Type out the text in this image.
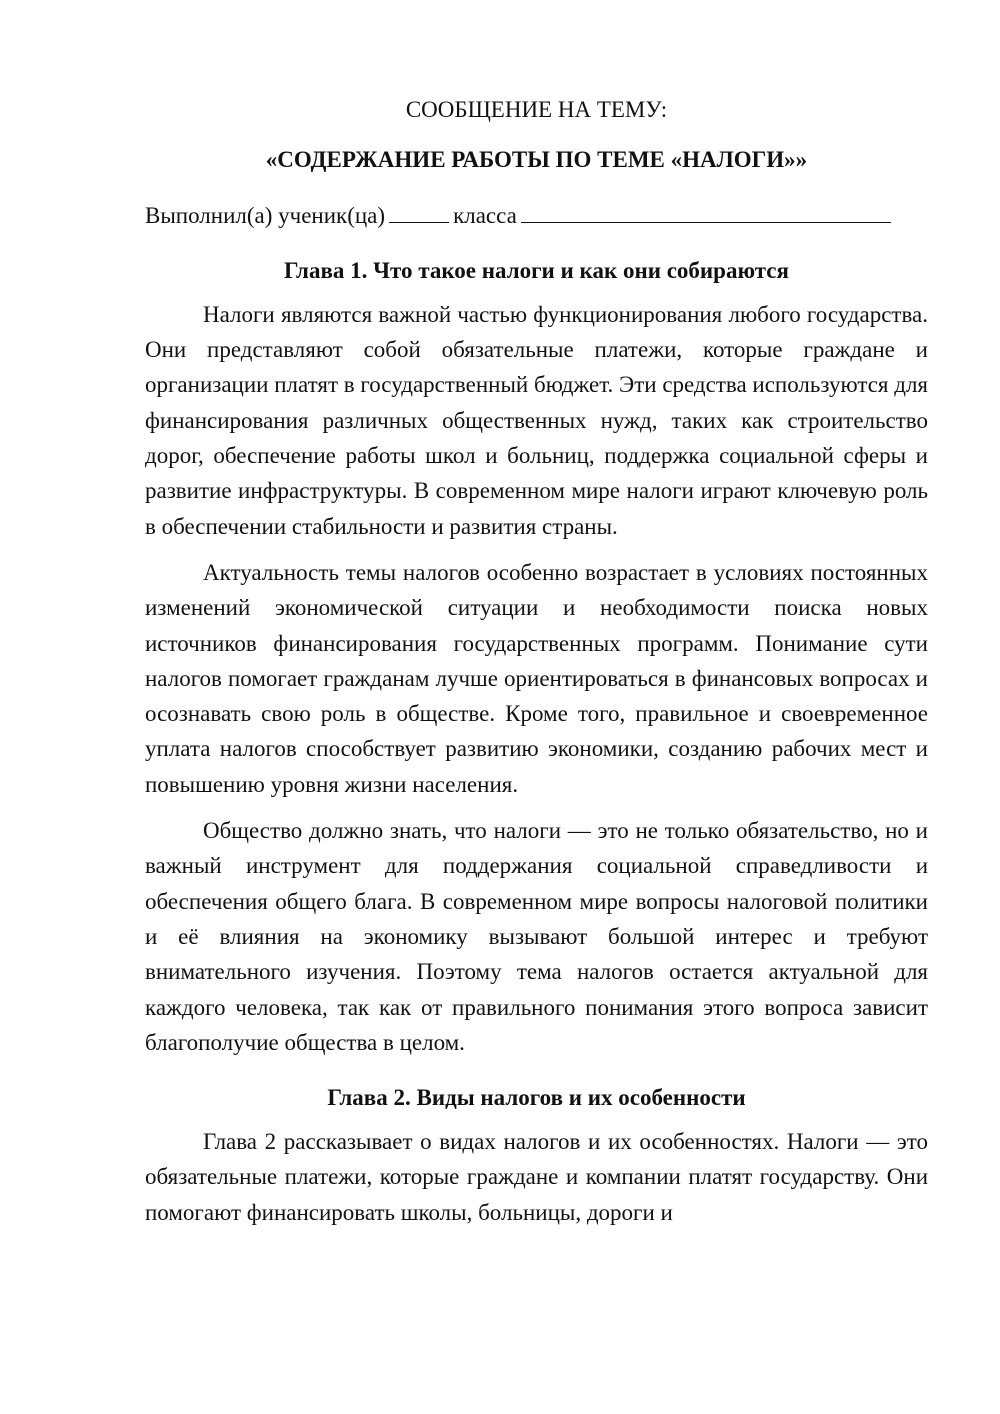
СООБЩЕНИЕ НА ТЕМУ:

«СОДЕРЖАНИЕ РАБОТЫ ПО ТЕМЕ «НАЛОГИ»»

Выполнил(а) ученик(ца)	класса

Глава 1. Что такое налоги и как они собираются

Налоги являются важной частью функционирования любого государства. Они представляют собой обязательные платежи, которые граждане и организации платят в государственный бюджет. Эти средства используются для финансирования различных общественных нужд, таких как строительство дорог, обеспечение работы школ и больниц, поддержка социальной сферы и развитие инфраструктуры. В современном мире налоги играют ключевую роль в обеспечении стабильности и развития страны.

Актуальность темы налогов особенно возрастает в условиях постоянных изменений экономической ситуации и необходимости поиска новых источников финансирования государственных программ. Понимание сути налогов помогает гражданам лучше ориентироваться в финансовых вопросах и осознавать свою роль в обществе. Кроме того, правильное и своевременное уплата налогов способствует развитию экономики, созданию рабочих мест и повышению уровня жизни населения.

Общество должно знать, что налоги — это не только обязательство, но и важный инструмент для поддержания социальной справедливости и обеспечения общего блага. В современном мире вопросы налоговой политики и её влияния на экономику вызывают большой интерес и требуют внимательного изучения. Поэтому тема налогов остается актуальной для каждого человека, так как от правильного понимания этого вопроса зависит благополучие общества в целом.

Глава 2. Виды налогов и их особенности

Глава 2 рассказывает о видах налогов и их особенностях. Налоги — это обязательные платежи, которые граждане и компании платят государству. Они помогают финансировать школы, больницы, дороги и
